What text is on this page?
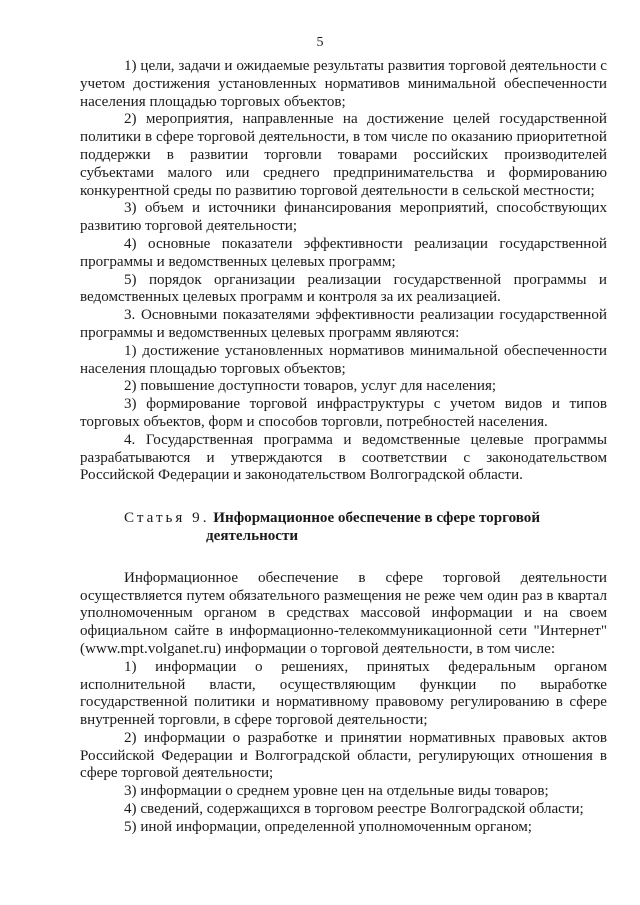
5

1) цели, задачи и ожидаемые результаты развития торговой деятельности с учетом достижения установленных нормативов минимальной обеспеченности населения площадью торговых объектов;

2) мероприятия, направленные на достижение целей государственной политики в сфере торговой деятельности, в том числе по оказанию приоритетной поддержки в развитии торговли товарами российских производителей субъектами малого или среднего предпринимательства и формированию конкурентной среды по развитию торговой деятельности в сельской местности;

3) объем и источники финансирования мероприятий, способствующих развитию торговой деятельности;

4) основные показатели эффективности реализации государственной программы и ведомственных целевых программ;

5) порядок организации реализации государственной программы и ведомственных целевых программ и контроля за их реализацией.

3. Основными показателями эффективности реализации государственной программы и ведомственных целевых программ являются:

1) достижение установленных нормативов минимальной обеспеченности населения площадью торговых объектов;

2) повышение доступности товаров, услуг для населения;

3) формирование торговой инфраструктуры с учетом видов и типов торговых объектов, форм и способов торговли, потребностей населения.

4. Государственная программа и ведомственные целевые программы разрабатываются и утверждаются в соответствии с законодательством Российской Федерации и законодательством Волгоградской области.

Статья 9. Информационное обеспечение в сфере торговой
деятельности

Информационное обеспечение в сфере торговой деятельности осуществляется путем обязательного размещения не реже чем один раз в квартал уполномоченным органом в средствах массовой информации и на своем официальном сайте в информационно-телекоммуникационной сети "Интернет" (www.mpt.volganet.ru) информации о торговой деятельности, в том числе:

1) информации о решениях, принятых федеральным органом исполнительной власти, осуществляющим функции по выработке государственной политики и нормативному правовому регулированию в сфере внутренней торговли, в сфере торговой деятельности;

2) информации о разработке и принятии нормативных правовых актов Российской Федерации и Волгоградской области, регулирующих отношения в сфере торговой деятельности;

3) информации о среднем уровне цен на отдельные виды товаров;

4) сведений, содержащихся в торговом реестре Волгоградской области;

5) иной информации, определенной уполномоченным органом;
